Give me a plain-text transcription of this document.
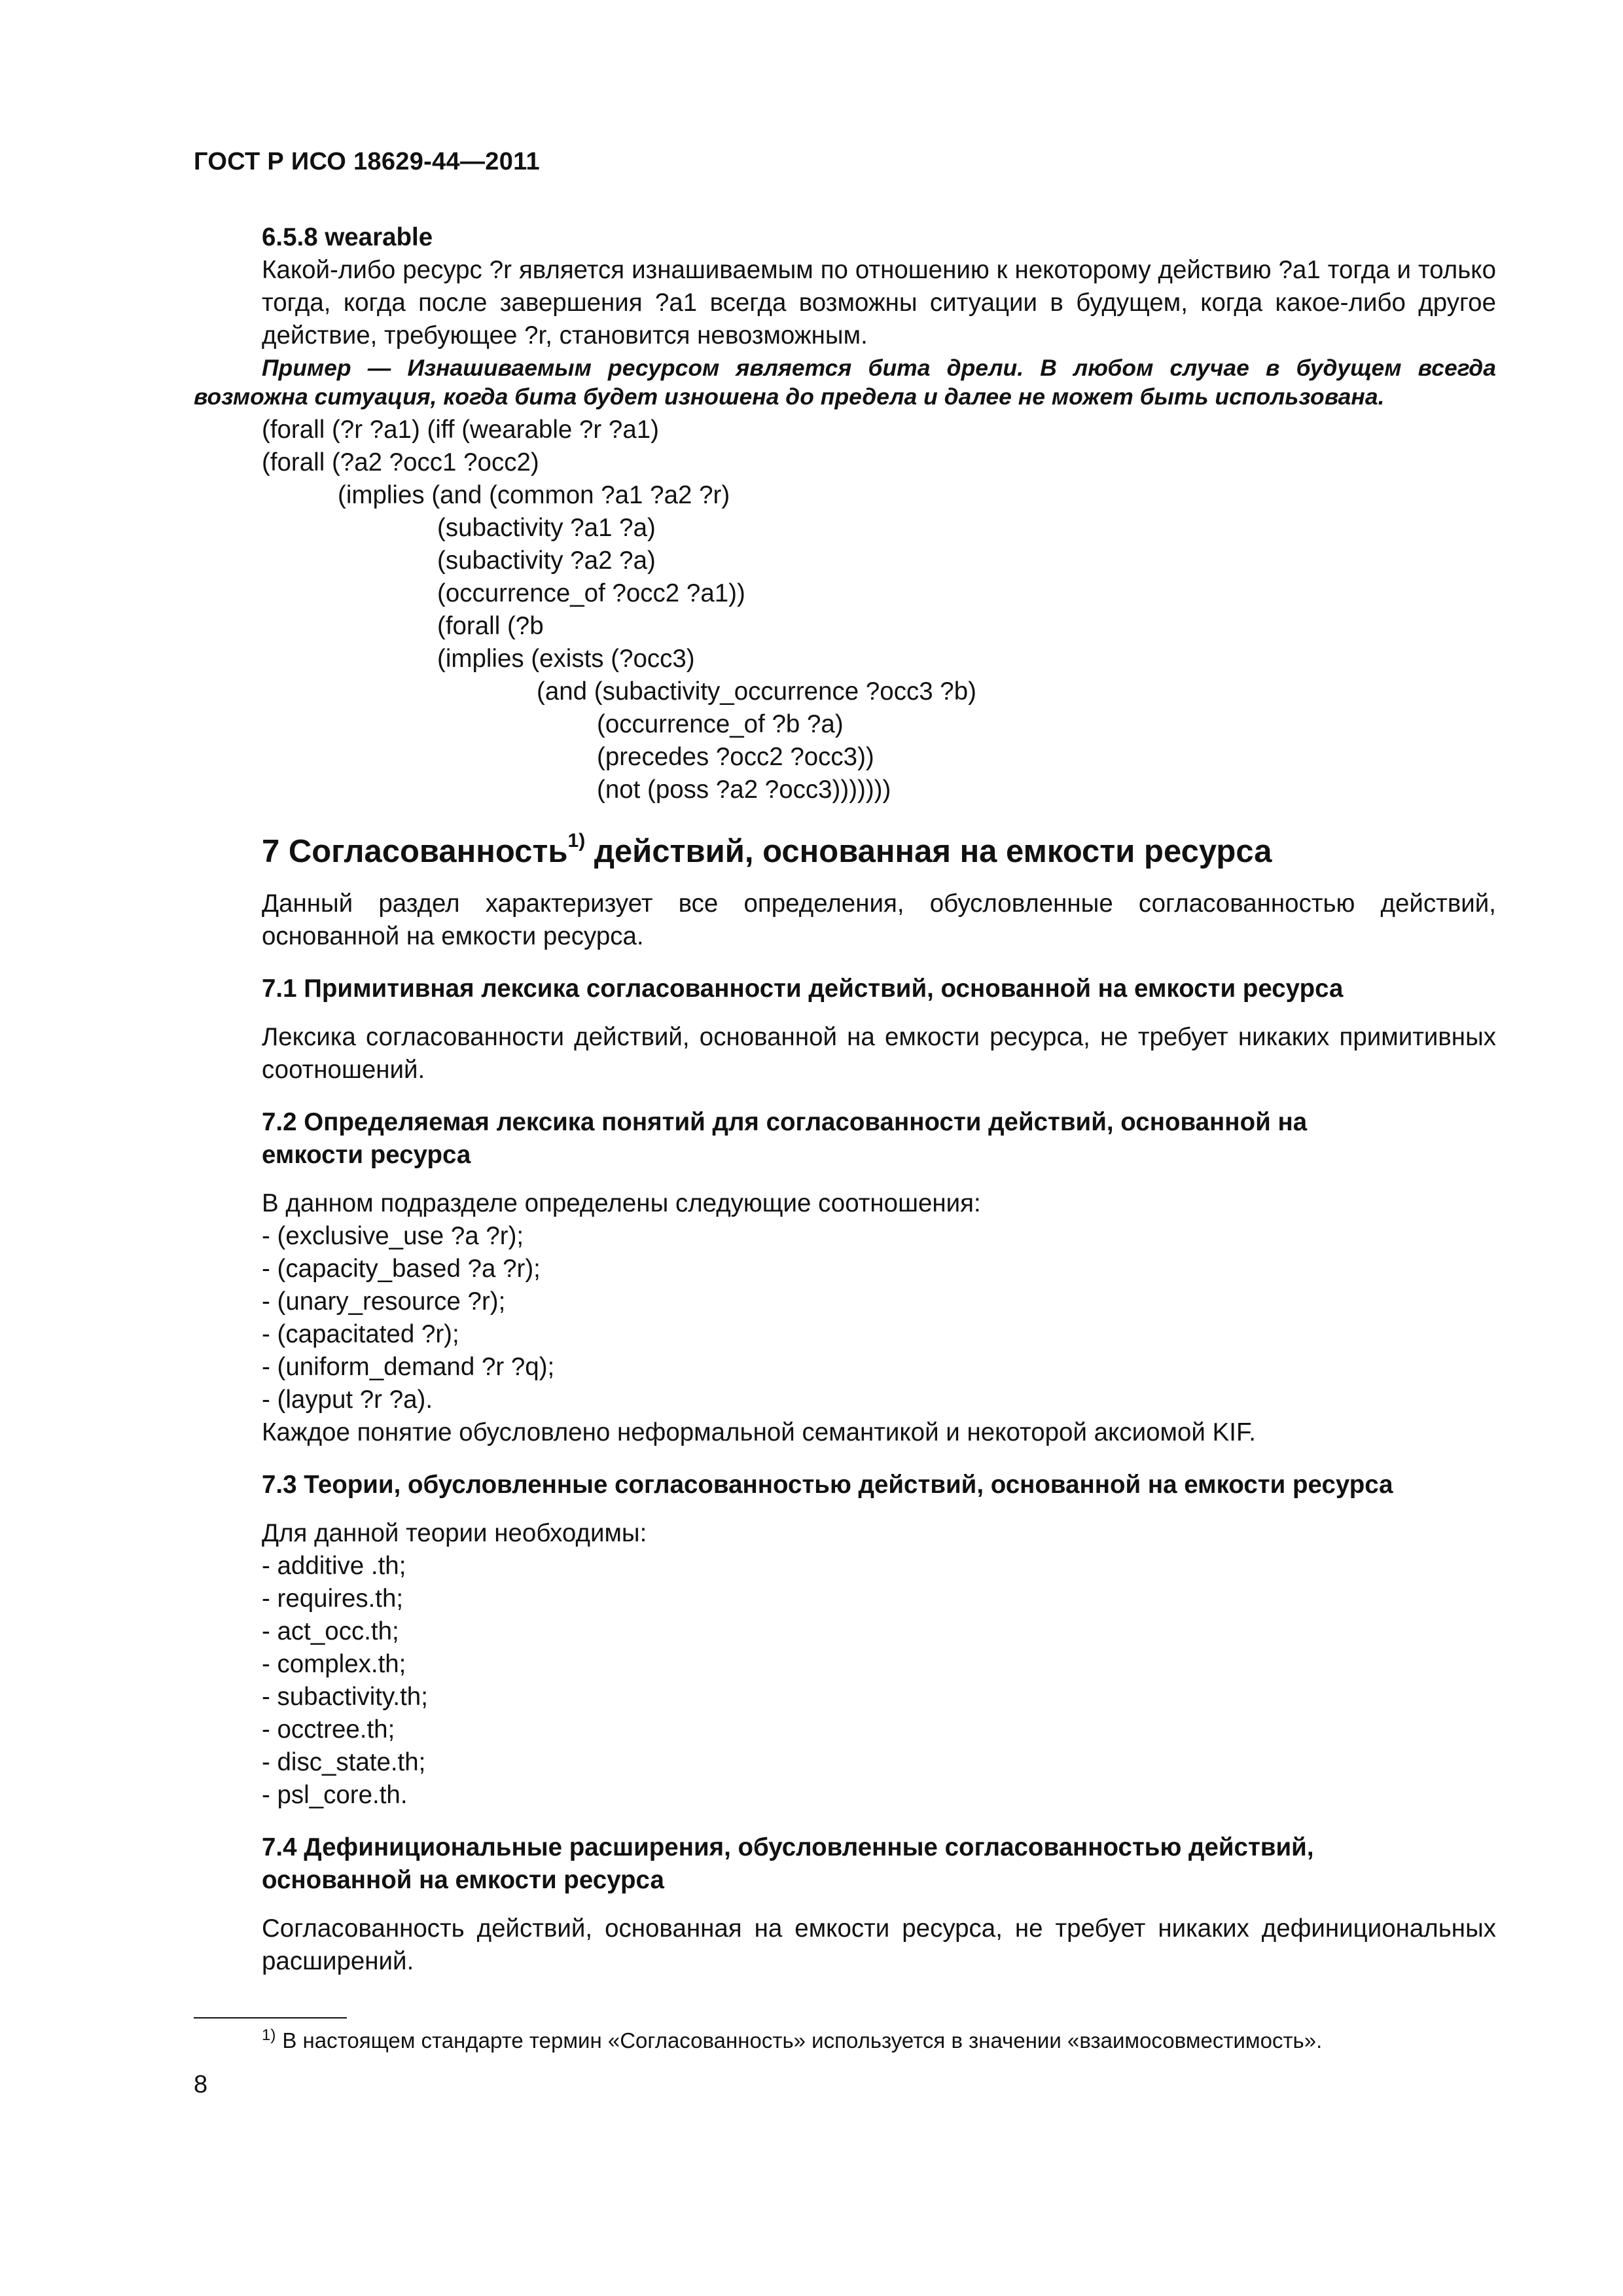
ГОСТ Р ИСО 18629-44—2011

6.5.8 wearable

Какой-либо ресурс ?r является изнашиваемым по отношению к некоторому действию ?a1 тогда и только тогда, когда после завершения ?a1 всегда возможны ситуации в будущем, когда какое-либо другое действие, требующее ?r, становится невозможным.

Пример — Изнашиваемым ресурсом является бита дрели. В любом случае в будущем всегда возможна ситуация, когда бита будет изношена до предела и далее не может быть использована.

(forall (?r ?a1) (iff (wearable ?r ?a1)
(forall (?a2 ?occ1 ?occ2)
(implies (and (common ?a1 ?a2 ?r)
(subactivity ?a1 ?a)
(subactivity ?a2 ?a)
(occurrence_of ?occ2 ?a1))
(forall (?b
(implies (exists (?occ3)
(and (subactivity_occurrence ?occ3 ?b)
(occurrence_of ?b ?a)
(precedes ?occ2 ?occ3))
(not (poss ?a2 ?occ3)))))))

7 Согласованность$^{1)}$ действий, основанная на емкости ресурса

Данный раздел характеризует все определения, обусловленные согласованностью действий, основанной на емкости ресурса.

7.1 Примитивная лексика согласованности действий, основанной на емкости ресурса

Лексика согласованности действий, основанной на емкости ресурса, не требует никаких примитивных соотношений.

7.2 Определяемая лексика понятий для согласованности действий, основанной на
емкости ресурса

В данном подразделе определены следующие соотношения:
- (exclusive_use ?a ?r);
- (capacity_based ?a ?r);
- (unary_resource ?r);
- (capacitated ?r);
- (uniform_demand ?r ?q);
- (layput ?r ?a).
Каждое понятие обусловлено неформальной семантикой и некоторой аксиомой KIF.

7.3 Теории, обусловленные согласованностью действий, основанной на емкости ресурса

Для данной теории необходимы:
- additive .th;
- requires.th;
- act_occ.th;
- complex.th;
- subactivity.th;
- occtree.th;
- disc_state.th;
- psl_core.th.

7.4 Дефинициональные расширения, обусловленные согласованностью действий,
основанной на емкости ресурса

Согласованность действий, основанная на емкости ресурса, не требует никаких дефинициональных расширений.

$^{1)}$ В настоящем стандарте термин «Согласованность» используется в значении «взаимосовместимость».
8
